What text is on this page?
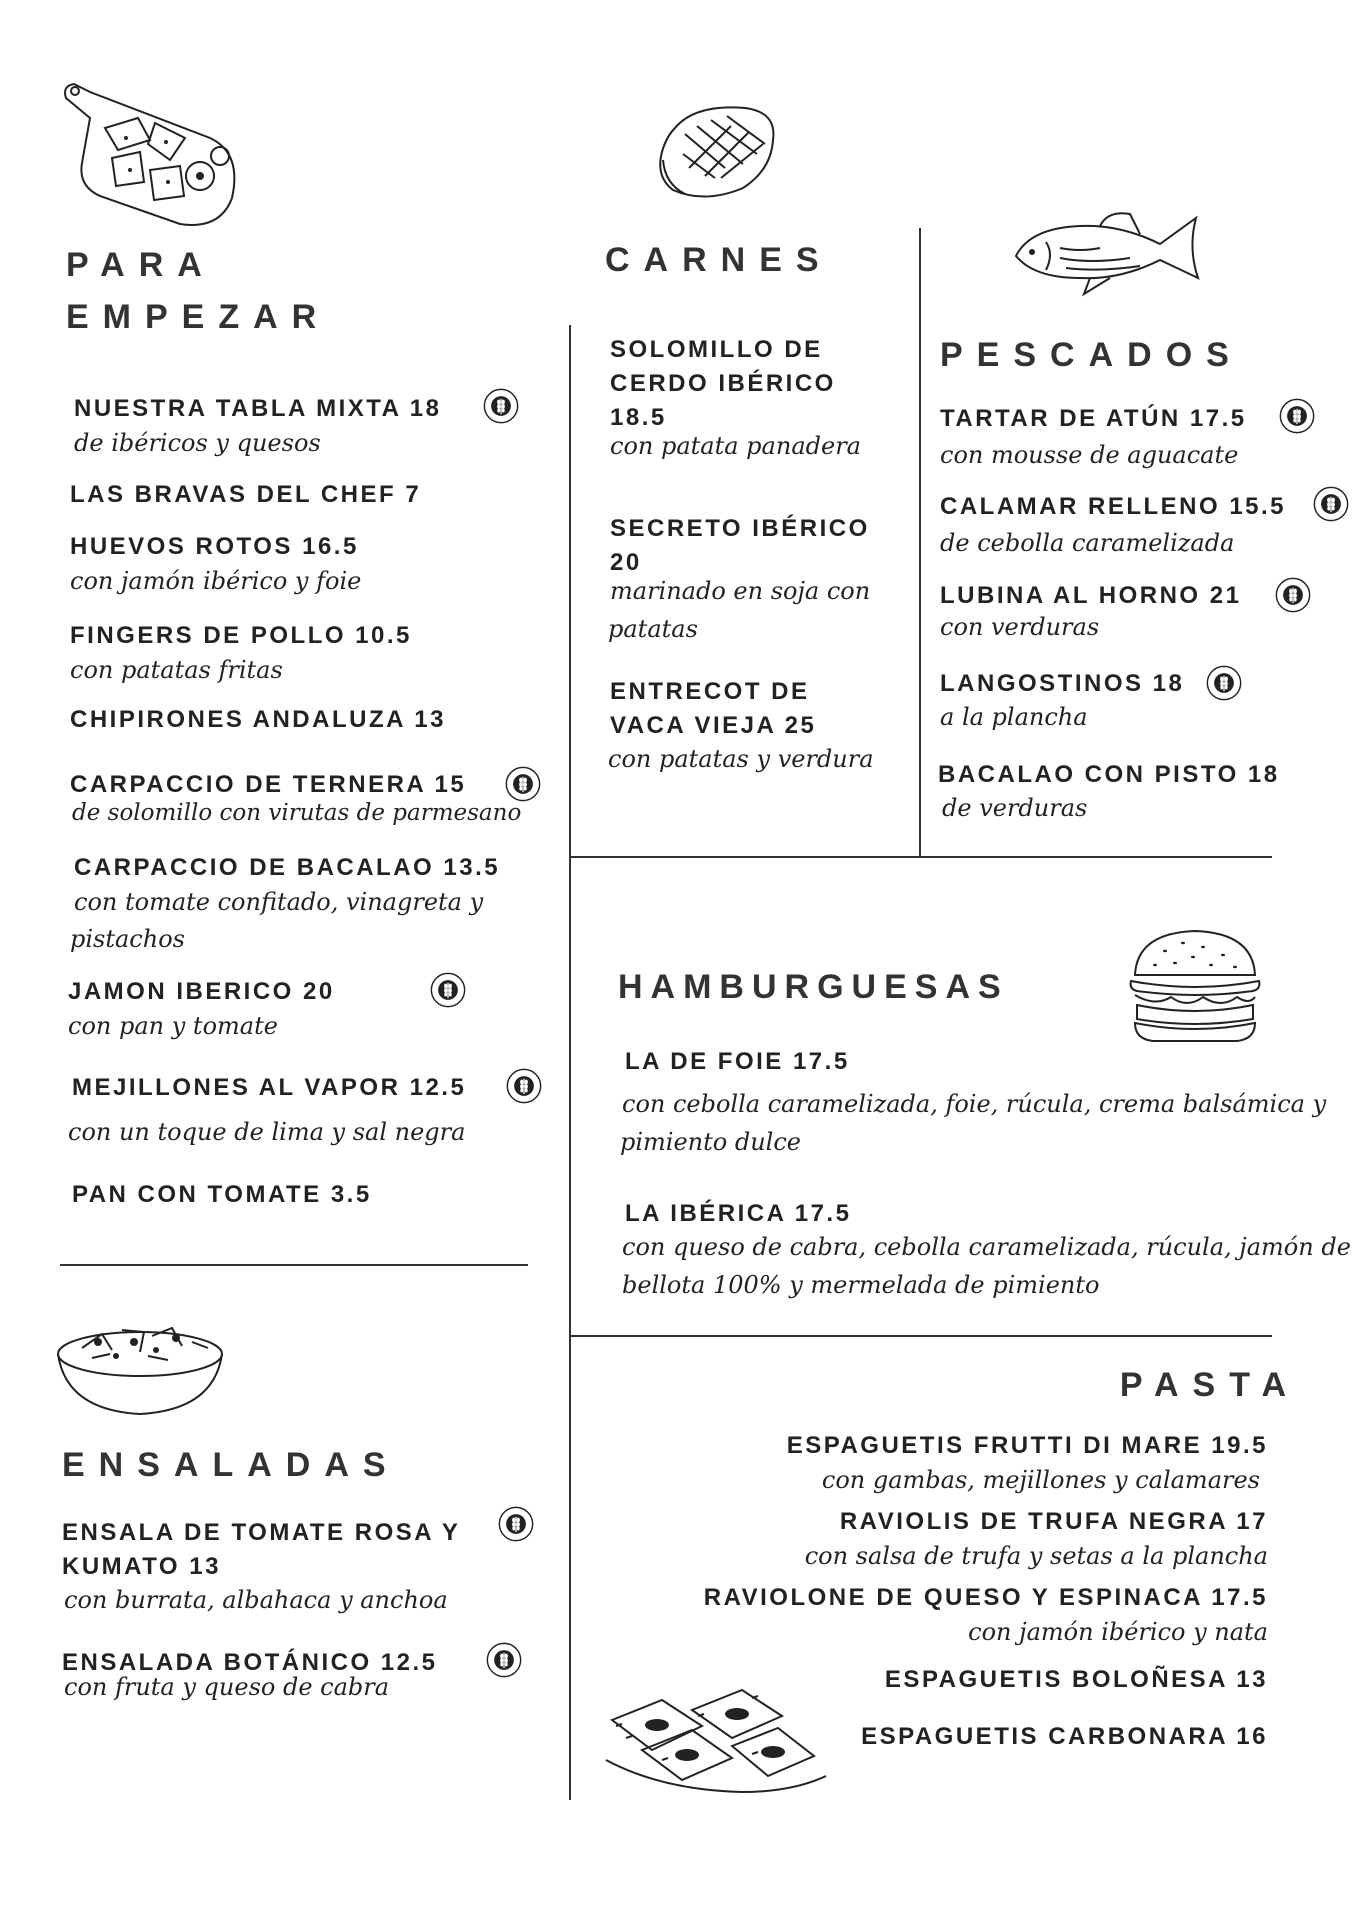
PARA
EMPEZAR
NUESTRA TABLA MIXTA 18
de ibéricos y quesos
LAS BRAVAS DEL CHEF 7
HUEVOS ROTOS 16.5
con jamón ibérico y foie
FINGERS DE POLLO 10.5
con patatas fritas
CHIPIRONES ANDALUZA 13
CARPACCIO DE TERNERA 15
de solomillo con virutas de parmesano
CARPACCIO DE BACALAO 13.5
con tomate confitado, vinagreta y
pistachos
JAMON IBERICO 20
con pan y tomate
MEJILLONES AL VAPOR 12.5
con un toque de lima y sal negra
PAN CON TOMATE 3.5
ENSALADAS
ENSALA DE TOMATE ROSA Y
KUMATO 13
con burrata, albahaca y anchoa
ENSALADA BOTÁNICO 12.5
con fruta y queso de cabra
CARNES
SOLOMILLO DE
CERDO IBÉRICO
18.5
con patata panadera
SECRETO IBÉRICO
20
marinado en soja con
patatas
ENTRECOT DE
VACA VIEJA 25
con patatas y verdura
PESCADOS
TARTAR DE ATÚN 17.5
con mousse de aguacate
CALAMAR RELLENO 15.5
de cebolla caramelizada
LUBINA AL HORNO 21
con verduras
LANGOSTINOS 18
a la plancha
BACALAO CON PISTO 18
de verduras
HAMBURGUESAS
LA DE FOIE 17.5
con cebolla caramelizada, foie, rúcula, crema balsámica y
pimiento dulce
LA IBÉRICA 17.5
con queso de cabra, cebolla caramelizada, rúcula, jamón de
bellota 100% y mermelada de pimiento
PASTA
ESPAGUETIS FRUTTI DI MARE 19.5
con gambas, mejillones y calamares
RAVIOLIS DE TRUFA NEGRA 17
con salsa de trufa y setas a la plancha
RAVIOLONE DE QUESO Y ESPINACA 17.5
con jamón ibérico y nata
ESPAGUETIS BOLOÑESA 13
ESPAGUETIS CARBONARA 16
